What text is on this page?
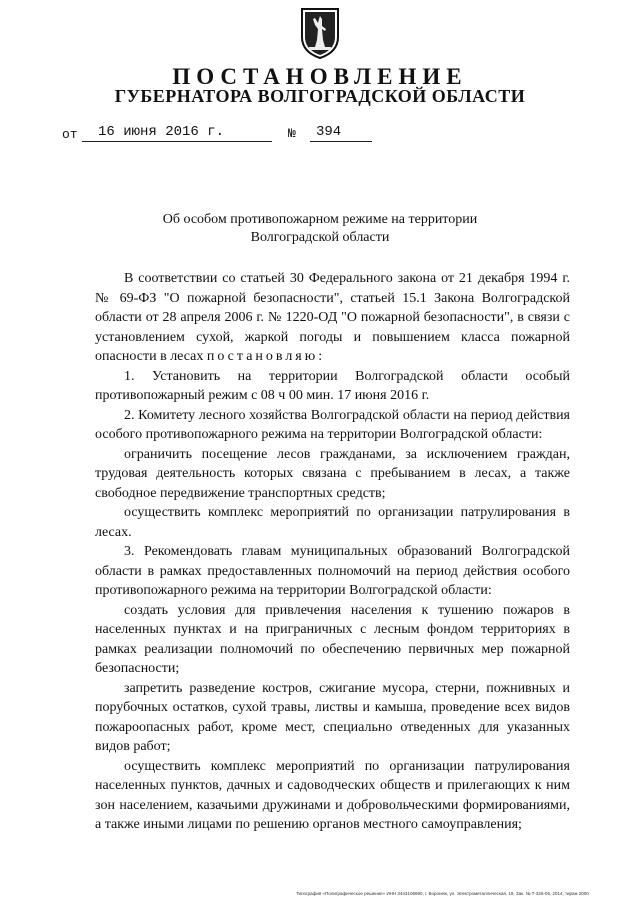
ПОСТАНОВЛЕНИЕ
ГУБЕРНАТОРА ВОЛГОГРАДСКОЙ ОБЛАСТИ
от	16 июня 2016 г.	№	394
Об особом противопожарном режиме на территории
Волгоградской области
В соответствии со статьей 30 Федерального закона от 21 декабря 1994 г. № 69-ФЗ "О пожарной безопасности", статьей 15.1 Закона Волгоградской области от 28 апреля 2006 г. № 1220-ОД "О пожарной безопасности", в связи с установлением сухой, жаркой погоды и повышением класса пожарной опасности в лесах постановляю:
1. Установить на территории Волгоградской области особый противопожарный режим с 08 ч 00 мин. 17 июня 2016 г.
2. Комитету лесного хозяйства Волгоградской области на период действия особого противопожарного режима на территории Волгоградской области:
ограничить посещение лесов гражданами, за исключением граждан, трудовая деятельность которых связана с пребыванием в лесах, а также свободное передвижение транспортных средств;
осуществить комплекс мероприятий по организации патрулирования в лесах.
3. Рекомендовать главам муниципальных образований Волгоградской области в рамках предоставленных полномочий на период действия особого противопожарного режима на территории Волгоградской области:
создать условия для привлечения населения к тушению пожаров в населенных пунктах и на приграничных с лесным фондом территориях в рамках реализации полномочий по обеспечению первичных мер пожарной безопасности;
запретить разведение костров, сжигание мусора, стерни, пожнивных и порубочных остатков, сухой травы, листвы и камыша, проведение всех видов пожароопасных работ, кроме мест, специально отведенных для указанных видов работ;
осуществить комплекс мероприятий по организации патрулирования населенных пунктов, дачных и садоводческих обществ и прилегающих к ним зон населением, казачьими дружинами и добровольческими формированиями, а также иными лицами по решению органов местного самоуправления;
Типография «Полиграфическое решение» ИНН 3443106890, г. Воронеж, ул. Электрометаллическая, 19, Зак. № Т-326-05, 2014, тираж 2000
